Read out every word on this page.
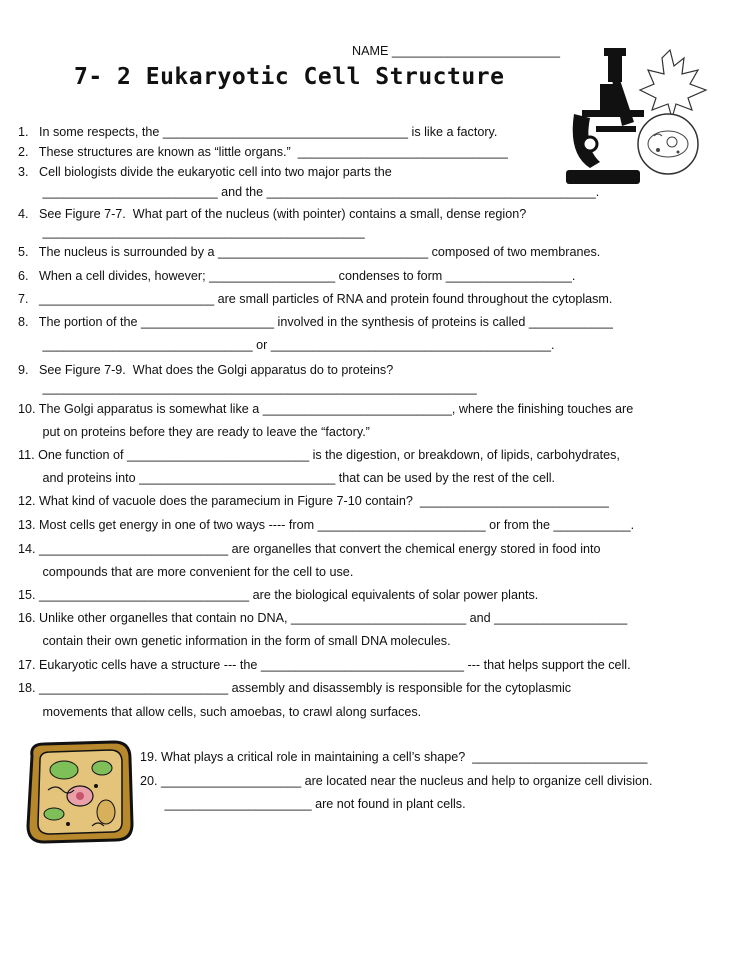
NAME ________________________
7- 2 Eukaryotic Cell Structure
1.   In some respects, the ___________________________________ is like a factory.
2.   These structures are known as “little organs.”  ______________________________
3.   Cell biologists divide the eukaryotic cell into two major parts the
_________________________ and the _______________________________________________.
4.   See Figure 7-7.  What part of the nucleus (with pointer) contains a small, dense region?
______________________________________________
5.   The nucleus is surrounded by a ______________________________ composed of two membranes.
6.   When a cell divides, however; __________________ condenses to form __________________.
7.   _________________________ are small particles of RNA and protein found throughout the cytoplasm.
8.   The portion of the ___________________ involved in the synthesis of proteins is called ____________
______________________________ or ________________________________________.
9.   See Figure 7-9.  What does the Golgi apparatus do to proteins?
______________________________________________________________
10. The Golgi apparatus is somewhat like a ___________________________, where the finishing touches are
put on proteins before they are ready to leave the “factory.”
11. One function of __________________________ is the digestion, or breakdown, of lipids, carbohydrates,
and proteins into ____________________________ that can be used by the rest of the cell.
12. What kind of vacuole does the paramecium in Figure 7-10 contain?  ___________________________
13. Most cells get energy in one of two ways ---- from ________________________ or from the ___________.
14. ___________________________ are organelles that convert the chemical energy stored in food into
compounds that are more convenient for the cell to use.
15. ______________________________ are the biological equivalents of solar power plants.
16. Unlike other organelles that contain no DNA, _________________________ and ___________________
contain their own genetic information in the form of small DNA molecules.
17. Eukaryotic cells have a structure --- the _____________________________ --- that helps support the cell.
18. ___________________________ assembly and disassembly is responsible for the cytoplasmic
movements that allow cells, such amoebas, to crawl along surfaces.
19. What plays a critical role in maintaining a cell’s shape?  _________________________
20. ____________________ are located near the nucleus and help to organize cell division.
_____________________ are not found in plant cells.
